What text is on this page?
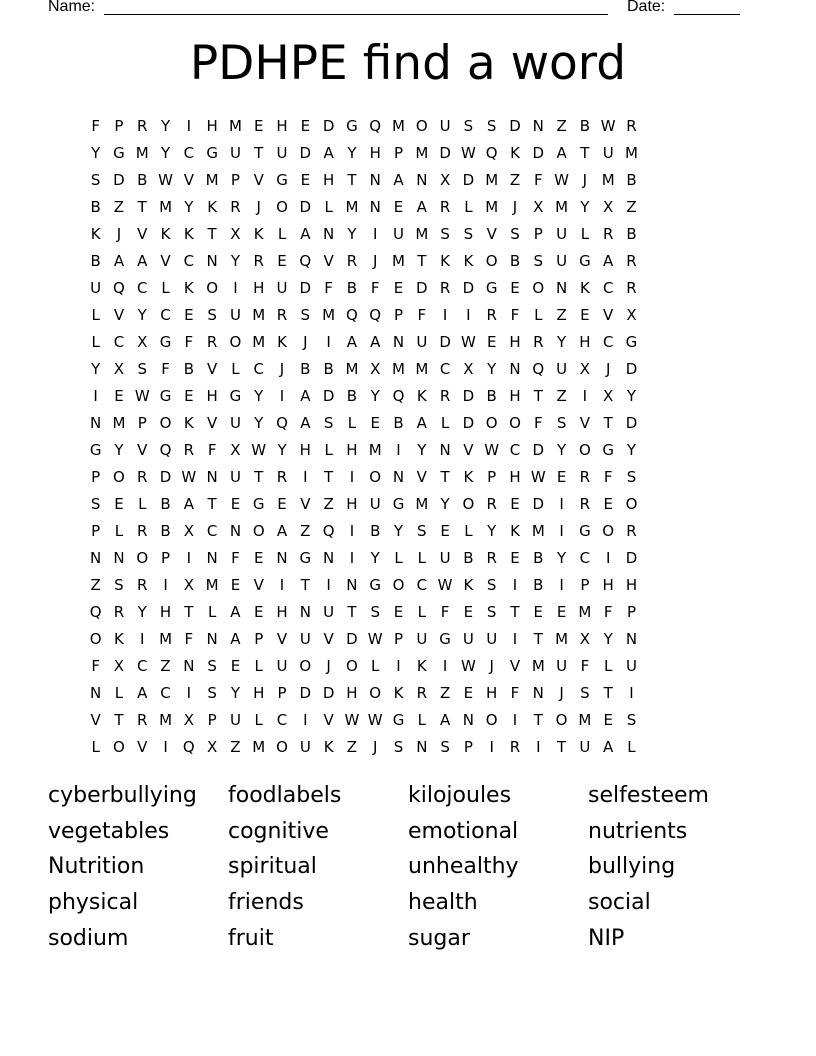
Name:	Date:
PDHPE find a word
F P R Y	I	H M E H E D G Q M O U S S D N Z B W R
Y G M Y C G U T U D A Y H P M D W Q K D A T U M
S D B W V M P V G E H T N A N X D M Z F W J M B
B Z T M Y K R	J	O D L M N E A R L M J	X M Y X Z
K	J	V K K T X K L A N Y	I	U M S S V S P U L R B
B A A V C N Y R E Q V R	J M T K K O B S U G A R
U Q C L K O	I	H U D F B F E D R D G E O N K C R
L V Y C E S U M R S M Q Q P F	I	I	R F L Z E V X
L C X G F R O M K	J	I	A A N U D W E H R Y H C G
Y X S F B V L C	J	B B M X M M C X Y N Q U X	J	D
I	E W G E H G Y	I	A D B Y Q K R D B H T Z	I	X Y
N M P O K V U Y Q A S L E B A L D O O F S V T D
G Y V Q R F X W Y H L H M I	Y N V W C D Y O G Y
P O R D W N U T R	I	T	I	O N V T K P H W E R F S
S E L B A T E G E V Z H U G M Y O R E D	I	R E O
P L R B X C N O A Z Q	I	B Y S E L Y K M I	G O R
N N O P	I	N F E N G N	I	Y L L U B R E B Y C	I	D
Z S R	I	X M E V	I	T	I	N G O C W K S	I	B	I	P H H
Q R Y H T L A E H N U T S E L F E S T E E M F P
O K	I M F N A P V U V D W P U G U U	I	T M X Y N
F X C Z N S E L U O	J	O L	I	K	I W J	V M U F L U
N L A C	I	S Y H P D D H O K R Z E H F N	J	S T	I
V T R M X P U L C	I	V W W G L A N O	I	T O M E S
L O V	I	Q X Z M O U K Z	J	S N S P	I	R	I	T U A L
cyberbullying	foodlabels	kilojoules	selfesteem
vegetables	cognitive	emotional	nutrients
Nutrition	spiritual	unhealthy	bullying
physical	friends	health	social
sodium	fruit	sugar	NIP
